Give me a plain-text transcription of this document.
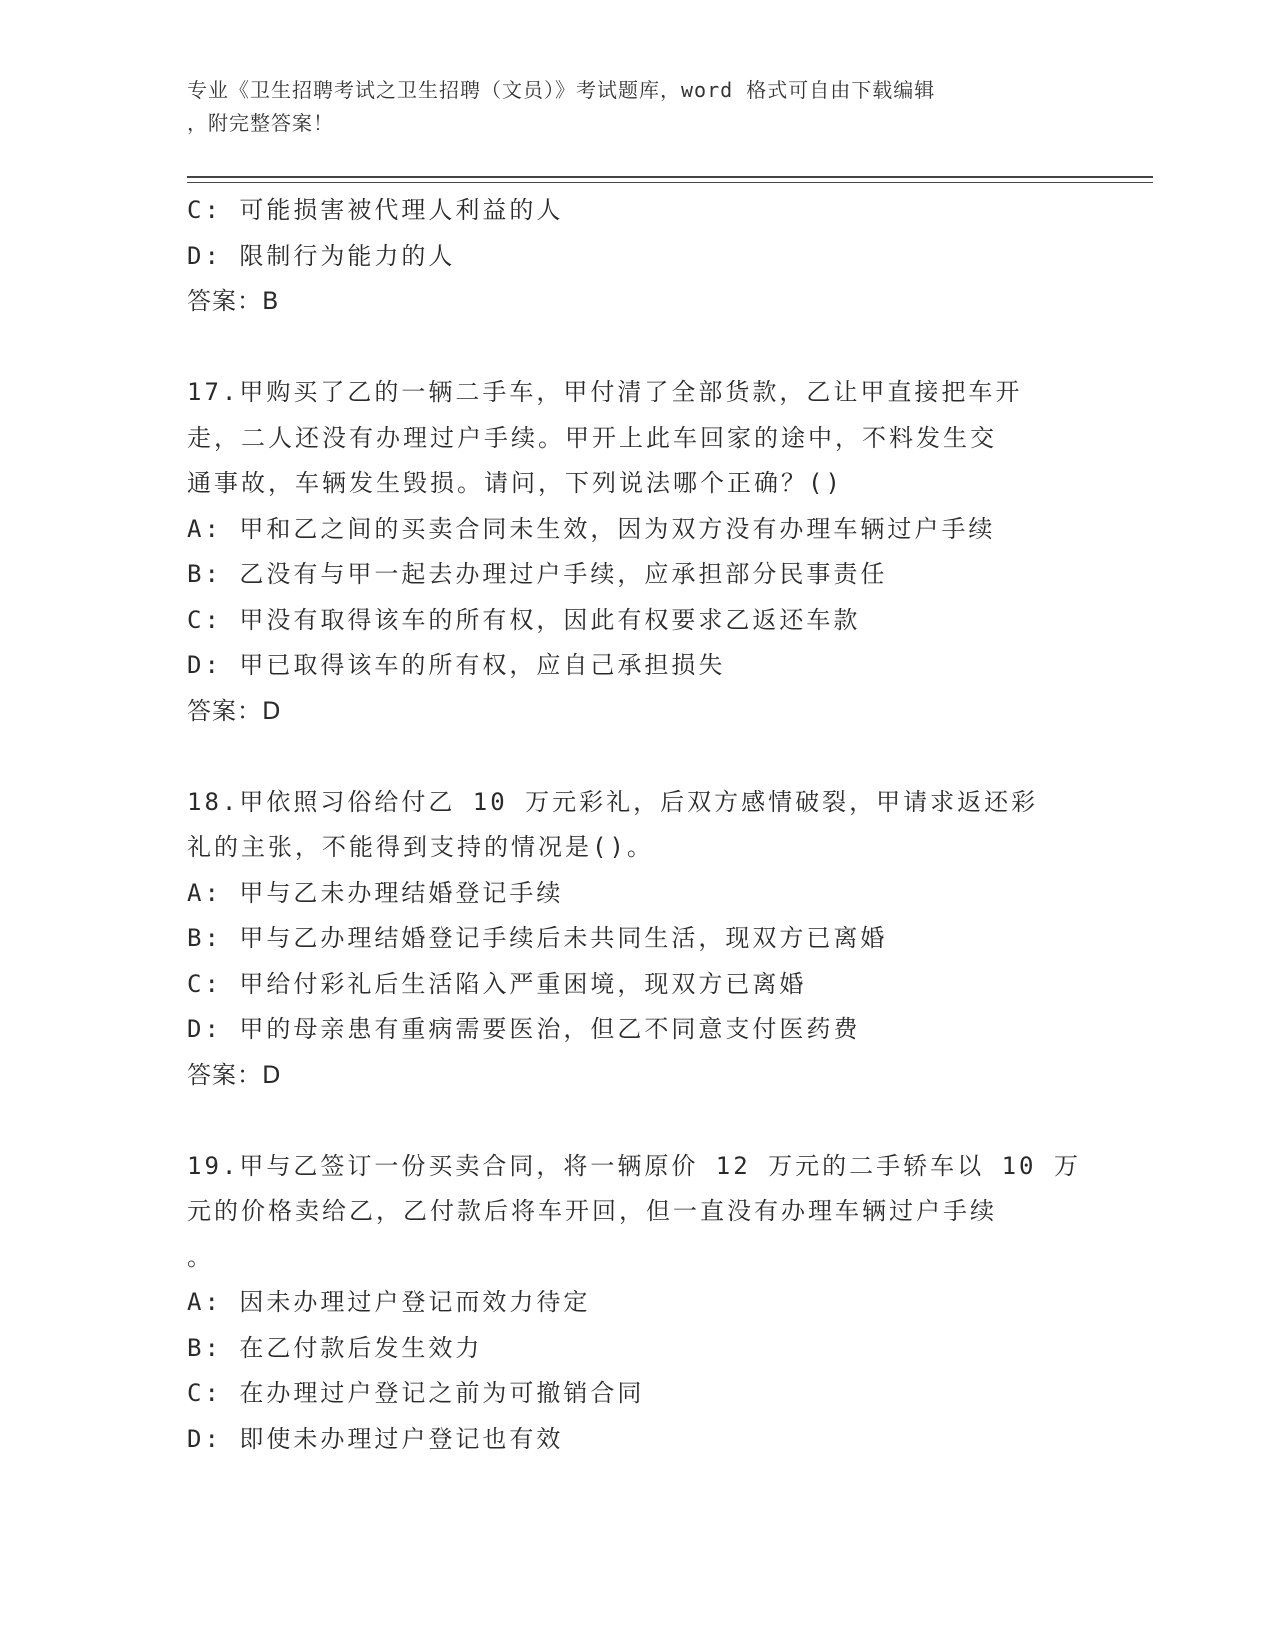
专业《卫生招聘考试之卫生招聘（文员）》考试题库，word 格式可自由下载编辑
，附完整答案！
C: 可能损害被代理人利益的人
D: 限制行为能力的人
答案：B
17.甲购买了乙的一辆二手车，甲付清了全部货款，乙让甲直接把车开
走，二人还没有办理过户手续。甲开上此车回家的途中，不料发生交
通事故，车辆发生毁损。请问，下列说法哪个正确？()
A: 甲和乙之间的买卖合同未生效，因为双方没有办理车辆过户手续
B: 乙没有与甲一起去办理过户手续，应承担部分民事责任
C: 甲没有取得该车的所有权，因此有权要求乙返还车款
D: 甲已取得该车的所有权，应自己承担损失
答案：D
18.甲依照习俗给付乙 10 万元彩礼，后双方感情破裂，甲请求返还彩
礼的主张，不能得到支持的情况是()。
A: 甲与乙未办理结婚登记手续
B: 甲与乙办理结婚登记手续后未共同生活，现双方已离婚
C: 甲给付彩礼后生活陷入严重困境，现双方已离婚
D: 甲的母亲患有重病需要医治，但乙不同意支付医药费
答案：D
19.甲与乙签订一份买卖合同，将一辆原价 12 万元的二手轿车以 10 万
元的价格卖给乙，乙付款后将车开回，但一直没有办理车辆过户手续
。
A: 因未办理过户登记而效力待定
B: 在乙付款后发生效力
C: 在办理过户登记之前为可撤销合同
D: 即使未办理过户登记也有效
